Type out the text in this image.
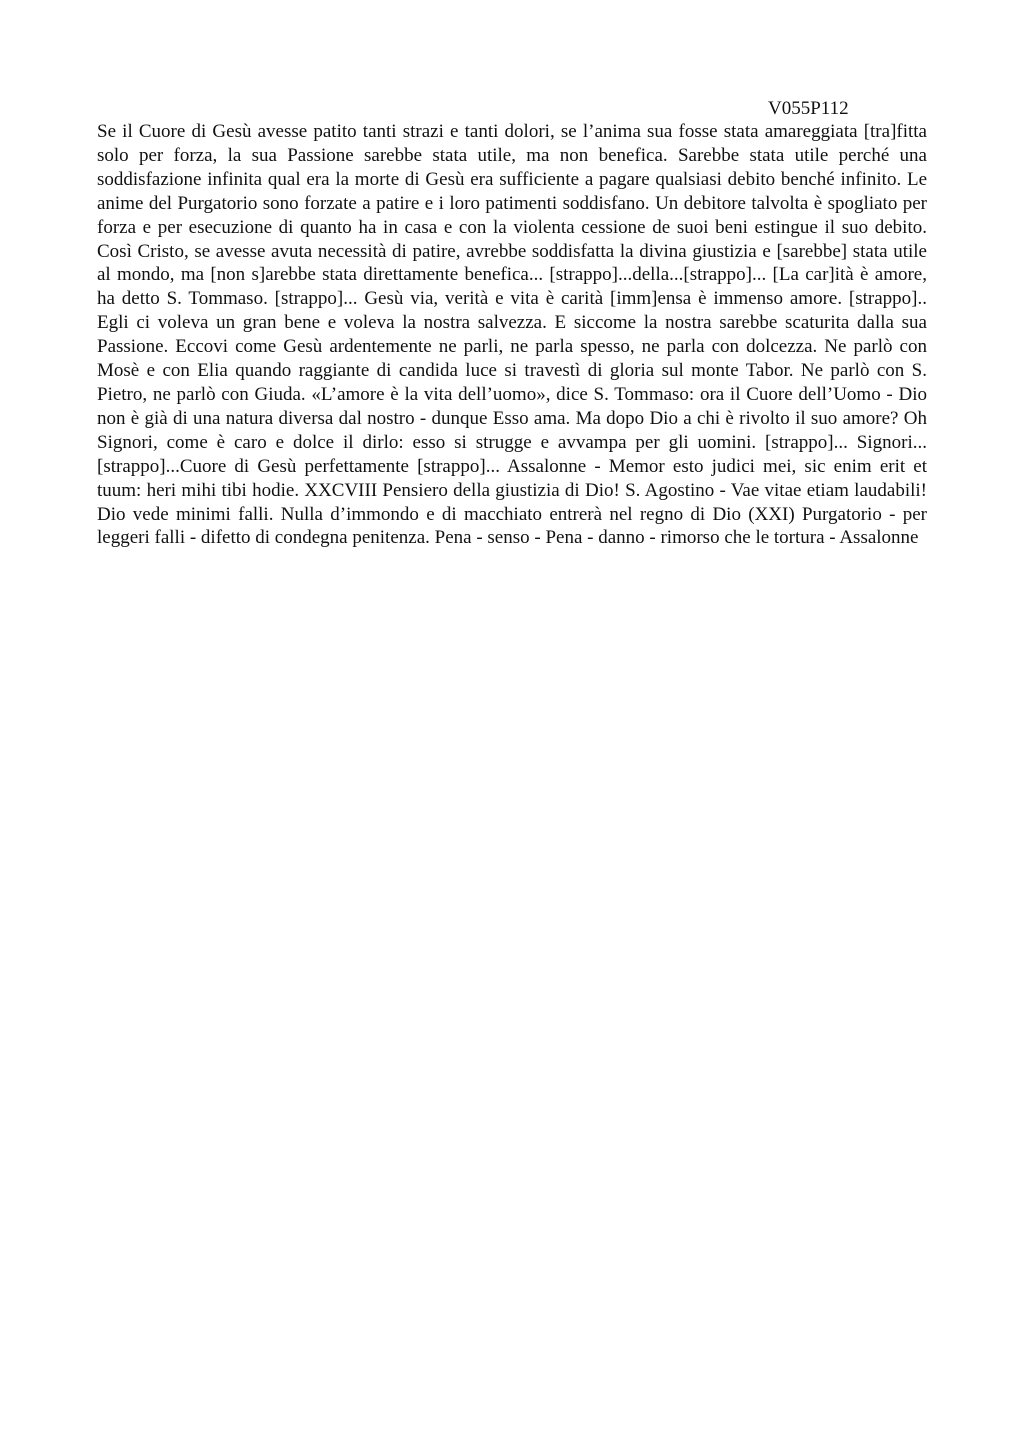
V055P112

Se il Cuore di Gesù avesse patito tanti strazi e tanti dolori, se l’anima sua fosse stata amareggiata [tra]fitta solo per forza, la sua Passione sarebbe stata utile, ma non benefica. Sarebbe stata utile perché una soddisfazione infinita qual era la morte di Gesù era sufficiente a pagare qualsiasi debito benché infinito. Le anime del Purgatorio sono forzate a patire e i loro patimenti soddisfano. Un debitore talvolta è spogliato per forza e per esecuzione di quanto ha in casa e con la violenta cessione de suoi beni estingue il suo debito. Così Cristo, se avesse avuta necessità di patire, avrebbe soddisfatta la divina giustizia e [sarebbe] stata utile al mondo, ma [non s]arebbe stata direttamente benefica... [strappo]...della...[strappo]... [La car]ità è amore, ha detto S. Tommaso. [strappo]... Gesù via, verità e vita è carità [imm]ensa è immenso amore. [strappo].. Egli ci voleva un gran bene e voleva la nostra salvezza. E siccome la nostra sarebbe scaturita dalla sua Passione. Eccovi come Gesù ardentemente ne parli, ne parla spesso, ne parla con dolcezza. Ne parlò con Mosè e con Elia quando raggiante di candida luce si travestì di gloria sul monte Tabor. Ne parlò con S. Pietro, ne parlò con Giuda. «L’amore è la vita dell’uomo», dice S. Tommaso: ora il Cuore dell’Uomo - Dio non è già di una natura diversa dal nostro - dunque Esso ama. Ma dopo Dio a chi è rivolto il suo amore? Oh Signori, come è caro e dolce il dirlo: esso si strugge e avvampa per gli uomini. [strappo]... Signori...[strappo]...Cuore di Gesù perfettamente [strappo]... Assalonne - Memor esto judici mei, sic enim erit et tuum: heri mihi tibi hodie. XXCVIII Pensiero della giustizia di Dio! S. Agostino - Vae vitae etiam laudabili! Dio vede minimi falli. Nulla d’immondo e di macchiato entrerà nel regno di Dio (XXI) Purgatorio - per leggeri falli - difetto di condegna penitenza. Pena - senso - Pena - danno - rimorso che le tortura - Assalonne
